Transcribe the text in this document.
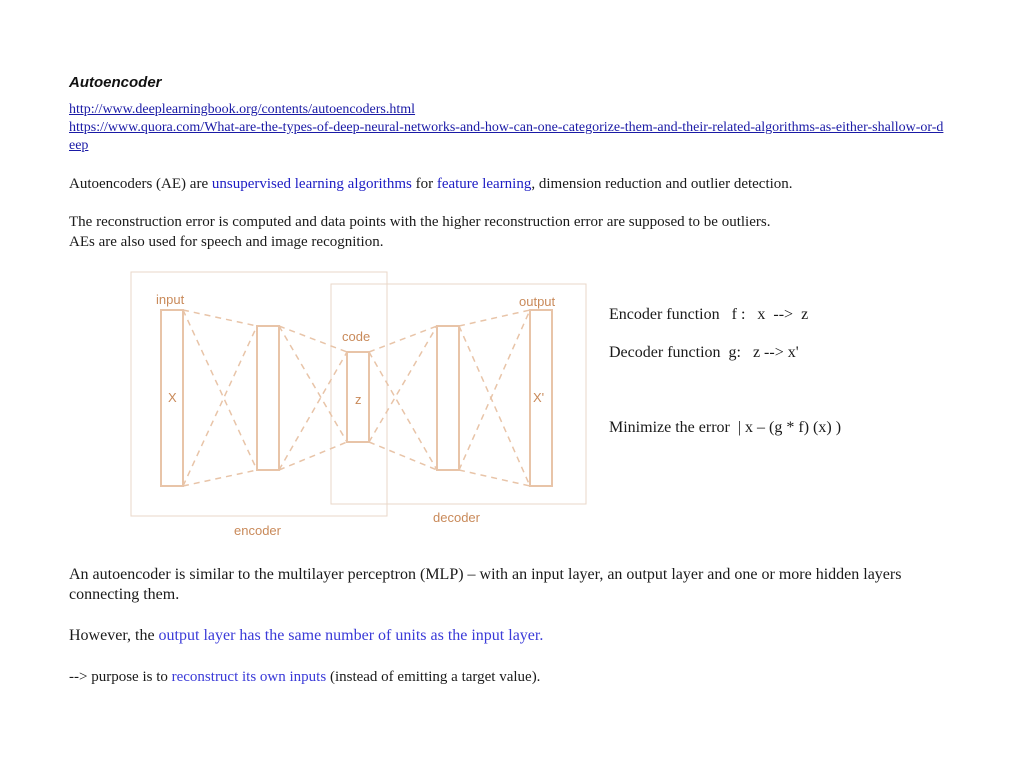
Autoencoder
http://www.deeplearningbook.org/contents/autoencoders.html
https://www.quora.com/What-are-the-types-of-deep-neural-networks-and-how-can-one-categorize-them-and-their-related-algorithms-as-either-shallow-or-deep
Autoencoders (AE) are unsupervised learning algorithms for feature learning, dimension reduction and outlier detection.
The reconstruction error is computed and data points with the higher reconstruction error are supposed to be outliers.
AEs are also used for speech and image recognition.
input	output
code
X	z	X'
encoder
decoder
Encoder function   f :   x  -->  z
Decoder function  g:   z --> x'
Minimize the error  | x – (g * f) (x) )
An autoencoder is similar to the multilayer perceptron (MLP) – with an input layer, an output layer and one or more hidden layers connecting them.
However, the output layer has the same number of units as the input layer.
--> purpose is to reconstruct its own inputs (instead of emitting a target value).
